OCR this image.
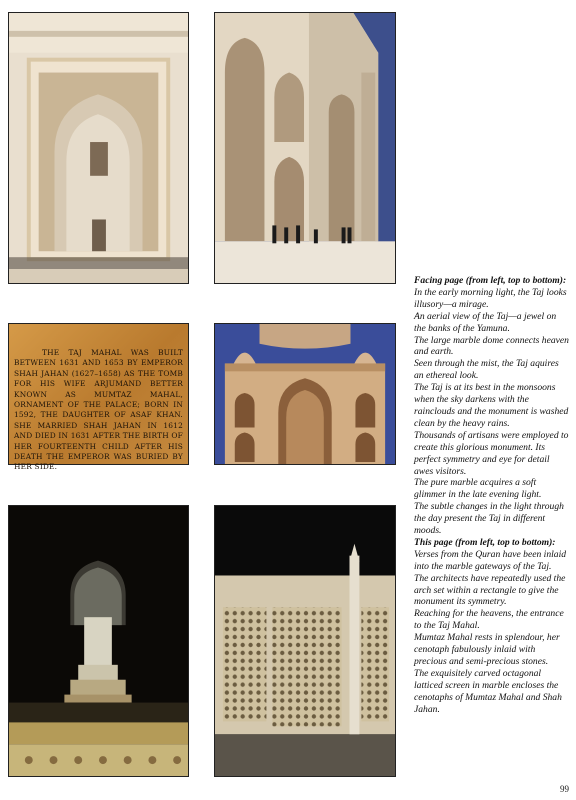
THE TAJ MAHAL WAS BUILT BETWEEN 1631 AND 1653 BY EMPEROR SHAH JAHAN (1627–1658) AS THE TOMB FOR HIS WIFE ARJUMAND BETTER KNOWN AS MUMTAZ MAHAL, ORNAMENT OF THE PALACE; BORN IN 1592, THE DAUGHTER OF ASAF KHAN. SHE MARRIED SHAH JAHAN IN 1612 AND DIED IN 1631 AFTER THE BIRTH OF HER FOURTEENTH CHILD AFTER HIS DEATH THE EMPEROR WAS BURIED BY HER SIDE.
Facing page (from left, top to bottom):
In the early morning light, the Taj looks illusory—a mirage.
An aerial view of the Taj—a jewel on the banks of the Yamuna.
The large marble dome connects heaven and earth.
Seen through the mist, the Taj aquires an ethereal look.
The Taj is at its best in the monsoons when the sky darkens with the rainclouds and the monument is washed clean by the heavy rains.
Thousands of artisans were employed to create this glorious monument. Its perfect symmetry and eye for detail awes visitors.
The pure marble acquires a soft glimmer in the late evening light.
The subtle changes in the light through the day present the Taj in different moods.
This page (from left, top to bottom):
Verses from the Quran have been inlaid into the marble gateways of the Taj.
The architects have repeatedly used the arch set within a rectangle to give the monument its symmetry.
Reaching for the heavens, the entrance to the Taj Mahal.
Mumtaz Mahal rests in splendour, her cenotaph fabulously inlaid with precious and semi-precious stones.
The exquisitely carved octagonal latticed screen in marble encloses the cenotaphs of Mumtaz Mahal and Shah Jahan.
99
